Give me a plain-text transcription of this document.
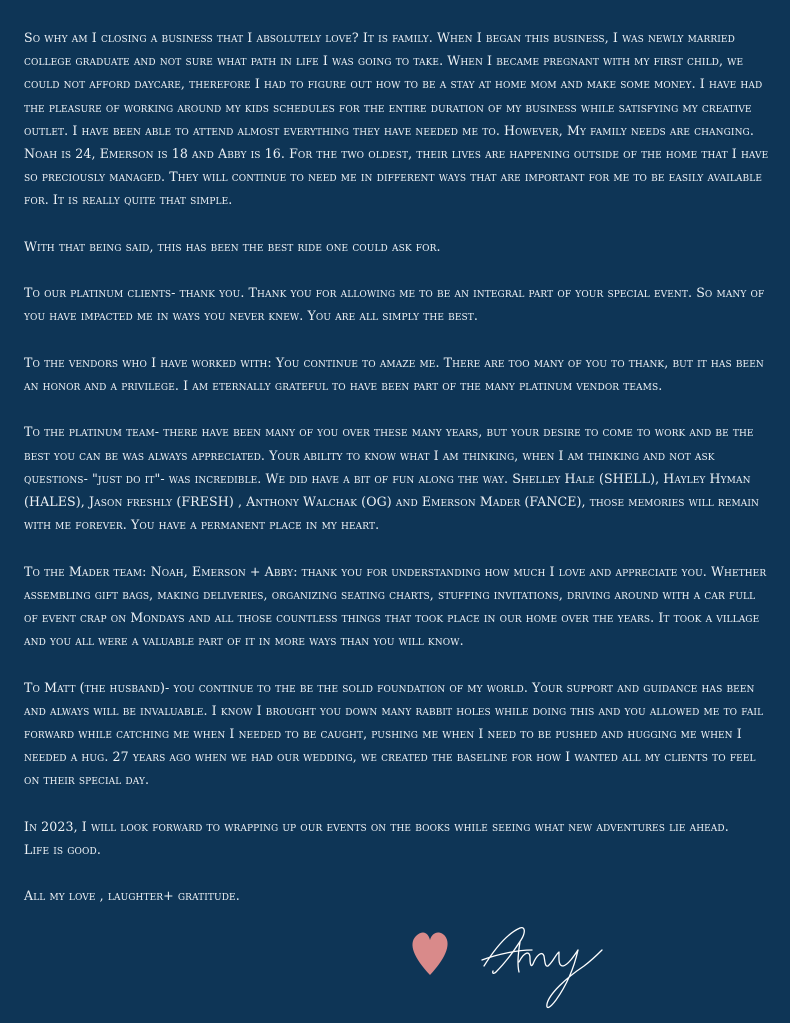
So why am I closing a business that I absolutely love? It is family. When I began this business, I was newly married college graduate and not sure what path in life I was going to take. When I became pregnant with my first child, we could not afford daycare, therefore I had to figure out how to be a stay at home mom and make some money. I have had the pleasure of working around my kids schedules for the entire duration of my business while satisfying my creative outlet. I have been able to attend almost everything they have needed me to. However, My family needs are changing. Noah is 24, Emerson is 18 and Abby is 16. For the two oldest, their lives are happening outside of the home that I have so preciously managed. They will continue to need me in different ways that are important for me to be easily available for. It is really quite that simple.

With that being said, this has been the best ride one could ask for.

To our platinum clients- thank you. Thank you for allowing me to be an integral part of your special event. So many of you have impacted me in ways you never knew. You are all simply the best.

To the vendors who I have worked with: You continue to amaze me. There are too many of you to thank, but it has been an honor and a privilege. I am eternally grateful to have been part of the many platinum vendor teams.

To the platinum team- there have been many of you over these many years, but your desire to come to work and be the best you can be was always appreciated. Your ability to know what I am thinking, when I am thinking and not ask questions- "just do it"- was incredible. We did have a bit of fun along the way. Shelley Hale (SHELL), Hayley Hyman (HALES), Jason freshly (FRESH) , Anthony Walchak (OG) and Emerson Mader (FANCE), those memories will remain with me forever. You have a permanent place in my heart.

To the Mader team: Noah, Emerson + Abby: thank you for understanding how much I love and appreciate you. Whether assembling gift bags, making deliveries, organizing seating charts, stuffing invitations, driving around with a car full of event crap on Mondays and all those countless things that took place in our home over the years. It took a village and you all were a valuable part of it in more ways than you will know.

To Matt (the husband)- you continue to the be the solid foundation of my world. Your support and guidance has been and always will be invaluable. I know I brought you down many rabbit holes while doing this and you allowed me to fail forward while catching me when I needed to be caught, pushing me when I need to be pushed and hugging me when I needed a hug. 27 years ago when we had our wedding, we created the baseline for how I wanted all my clients to feel on their special day.

In 2023, I will look forward to wrapping up our events on the books while seeing what new adventures lie ahead.

Life is good.

All my love , laughter+ gratitude.
